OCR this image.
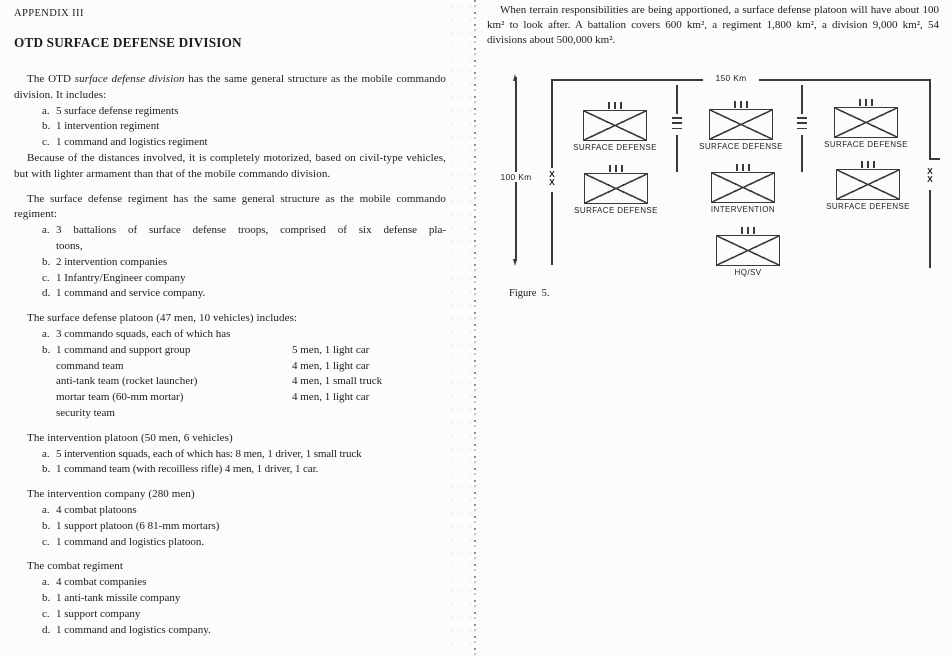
APPENDIX III
OTD SURFACE DEFENSE DIVISION

The OTD surface defense division has the same general structure as the mobile commando division. It includes:

a. 5 surface defense regiments
b. 1 intervention regiment
c. 1 command and logistics regiment

Because of the distances involved, it is completely motorized, based on civil-type vehicles, but with lighter armament than that of the mobile commando division.

The surface defense regiment has the same general structure as the mobile commando regiment:

a. 3 battalions of surface defense troops, comprised of six defense pla-
toons,
b. 2 intervention companies
c. 1 Infantry/Engineer company
d. 1 command and service company.

The surface defense platoon (47 men, 10 vehicles) includes:

a. 3 commando squads, each of which has
b. 1 command and support group	5 men, 1 light car
command team	4 men, 1 light car
anti-tank team (rocket launcher)	4 men, 1 small truck
mortar team (60-mm mortar)	4 men, 1 light car
security team

The intervention platoon (50 men, 6 vehicles)

a. 5 intervention squads, each of which has: 8 men, 1 driver, 1 small truck
b. 1 command team (with recoilless rifle) 4 men, 1 driver, 1 car.

The intervention company (280 men)

a. 4 combat platoons
b. 1 support platoon (6 81-mm mortars)
c. 1 command and logistics platoon.

The combat regiment

a. 4 combat companies
b. 1 anti-tank missile company
c. 1 support company
d. 1 command and logistics company.

When terrain responsibilities are being apportioned, a surface defense platoon will have about 100 km² to look after. A battalion covers 600 km², a regiment 1,800 km², a division 9,000 km², 54 divisions about 500,000 km².

100 Km
150 Km
XX
XX
SURFACE DEFENSE	SURFACE DEFENSE	SURFACE DEFENSE
SURFACE DEFENSE	INTERVENTION	SURFACE DEFENSE
HQ/SV
Figure  5.
